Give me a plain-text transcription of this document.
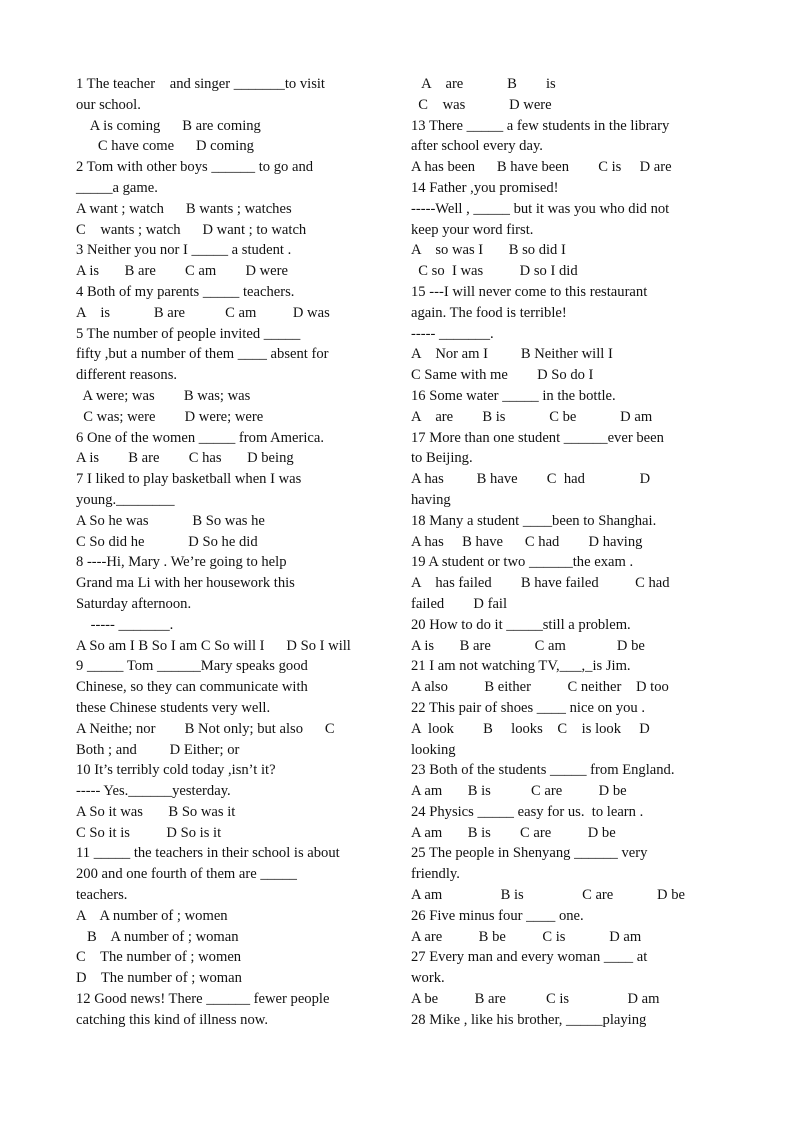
1 The teacher    and singer _______to visit
our school.
A is coming      B are coming
C have come      D coming
2 Tom with other boys ______ to go and
_____a game.
A want ; watch      B wants ; watches
C    wants ; watch      D want ; to watch
3 Neither you nor I _____ a student .
A is       B are        C am        D were
4 Both of my parents _____ teachers.
A    is            B are           C am          D was
5 The number of people invited _____
fifty ,but a number of them ____ absent for
different reasons.
A were; was        B was; was
C was; were        D were; were
6 One of the women _____ from America.
A is        B are        C has       D being
7 I liked to play basketball when I was
young.________
A So he was            B So was he
C So did he            D So he did
8 ----Hi, Mary . We’re going to help
Grand ma Li with her housework this
Saturday afternoon.
----- _______.
A So am I B So I am C So will I      D So I will
9 _____ Tom ______Mary speaks good
Chinese, so they can communicate with
these Chinese students very well.
A Neithe; nor        B Not only; but also      C
Both ; and         D Either; or
10 It’s terribly cold today ,isn’t it?
----- Yes.______yesterday.
A So it was       B So was it
C So it is          D So is it
11 _____ the teachers in their school is about
200 and one fourth of them are _____
teachers.
A    A number of ; women
B    A number of ; woman
C    The number of ; women
D    The number of ; woman
12 Good news! There ______ fewer people
catching this kind of illness now.
A    are            B        is
C    was            D were
13 There _____ a few students in the library
after school every day.
A has been      B have been        C is     D are
14 Father ,you promised!
-----Well , _____ but it was you who did not
keep your word first.
A    so was I       B so did I
C so  I was          D so I did
15 ---I will never come to this restaurant
again. The food is terrible!
----- _______.
A    Nor am I         B Neither will I
C Same with me        D So do I
16 Some water _____ in the bottle.
A    are        B is            C be            D am
17 More than one student ______ever been
to Beijing.
A has         B have        C  had               D
having
18 Many a student ____been to Shanghai.
A has     B have      C had        D having
19 A student or two ______the exam .
A    has failed        B have failed          C had
failed        D fail
20 How to do it _____still a problem.
A is       B are            C am              D be
21 I am not watching TV,___,_is Jim.
A also          B either          C neither    D too
22 This pair of shoes ____ nice on you .
A  look        B     looks    C    is look     D
looking
23 Both of the students _____ from England.
A am       B is           C are          D be
24 Physics _____ easy for us.  to learn .
A am       B is        C are          D be
25 The people in Shenyang ______ very
friendly.
A am                B is                C are            D be
26 Five minus four ____ one.
A are          B be          C is            D am
27 Every man and every woman ____ at
work.
A be          B are           C is                D am
28 Mike , like his brother, _____playing
